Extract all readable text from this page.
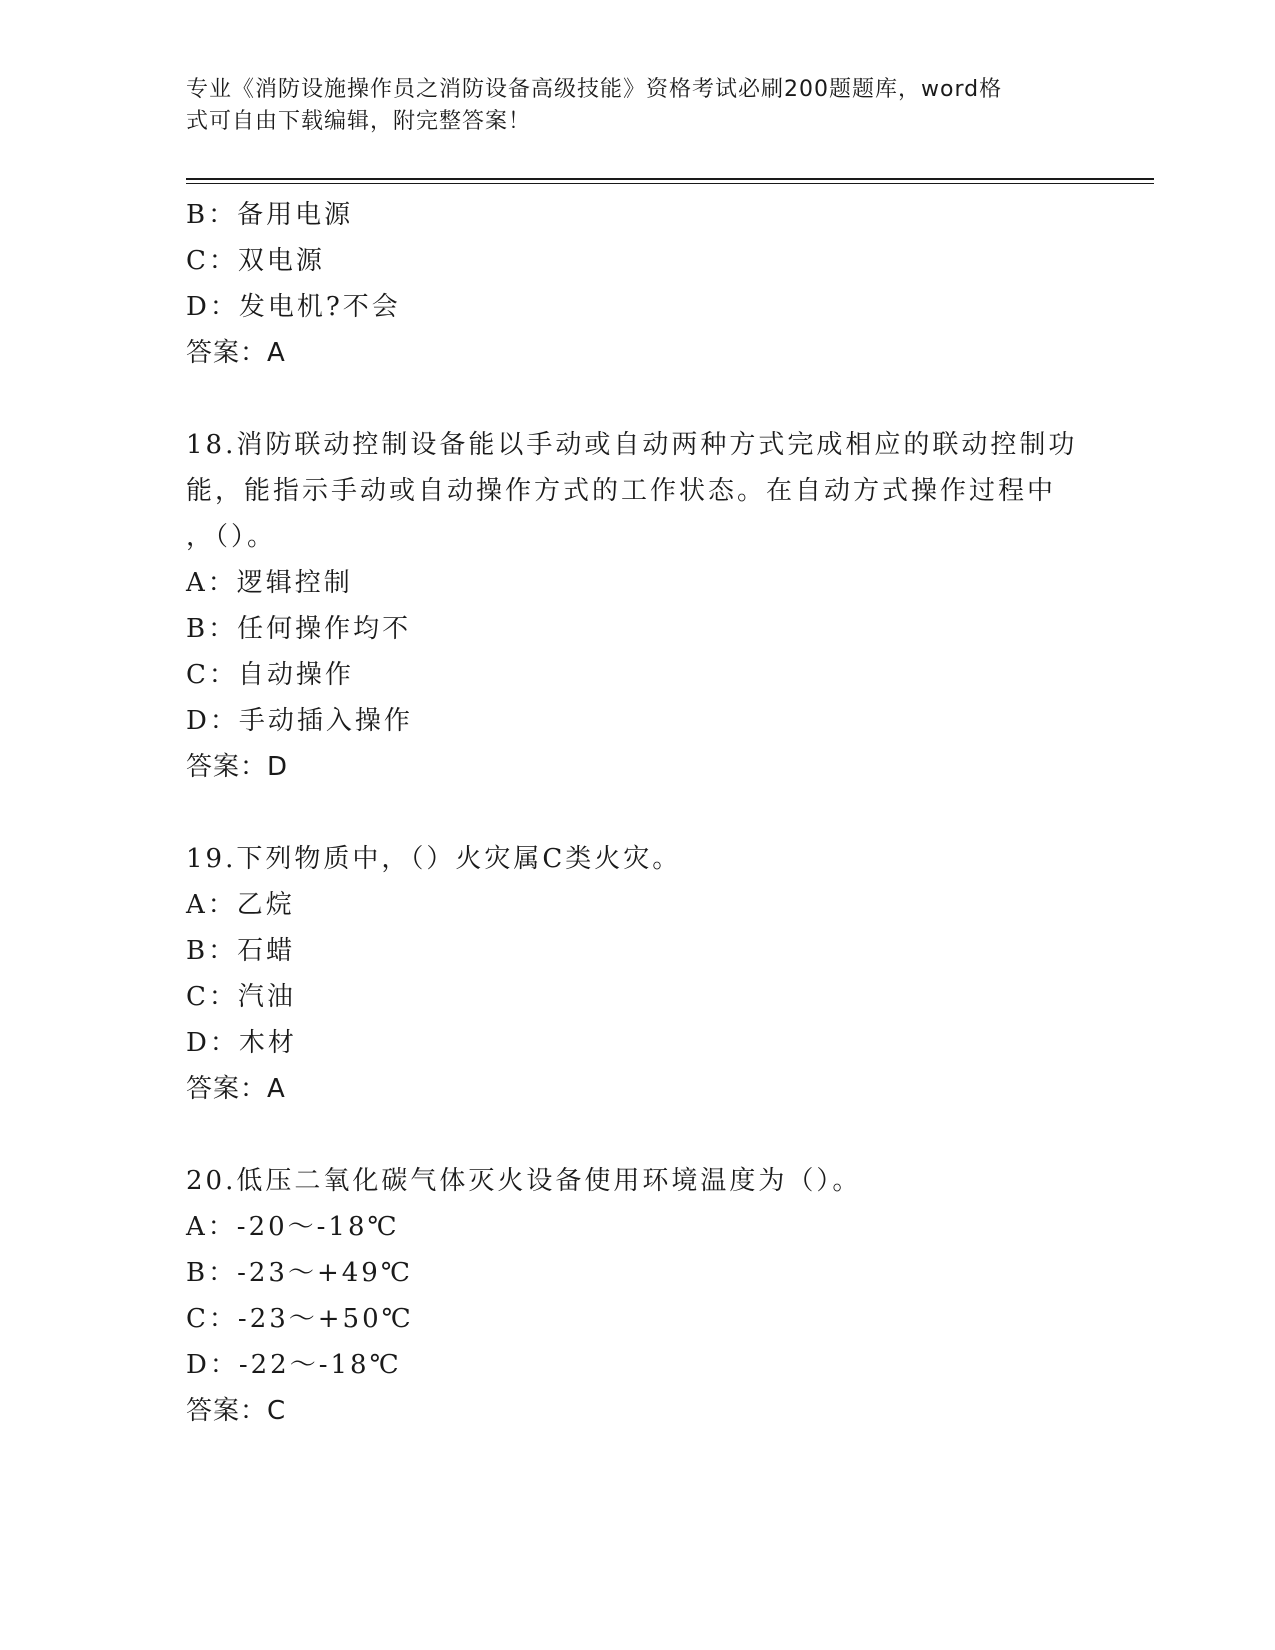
专业《消防设施操作员之消防设备高级技能》资格考试必刷200题题库，word格
式可自由下载编辑，附完整答案！
B：备用电源
C：双电源
D：发电机?不会
答案：A
18.消防联动控制设备能以手动或自动两种方式完成相应的联动控制功
能，能指示手动或自动操作方式的工作状态。在自动方式操作过程中
，（）。
A：逻辑控制
B：任何操作均不
C：自动操作
D：手动插入操作
答案：D
19.下列物质中，（）火灾属C类火灾。
A：乙烷
B：石蜡
C：汽油
D：木材
答案：A
20.低压二氧化碳气体灭火设备使用环境温度为（）。
A：-20～-18℃
B：-23～+49℃
C：-23～+50℃
D：-22～-18℃
答案：C
